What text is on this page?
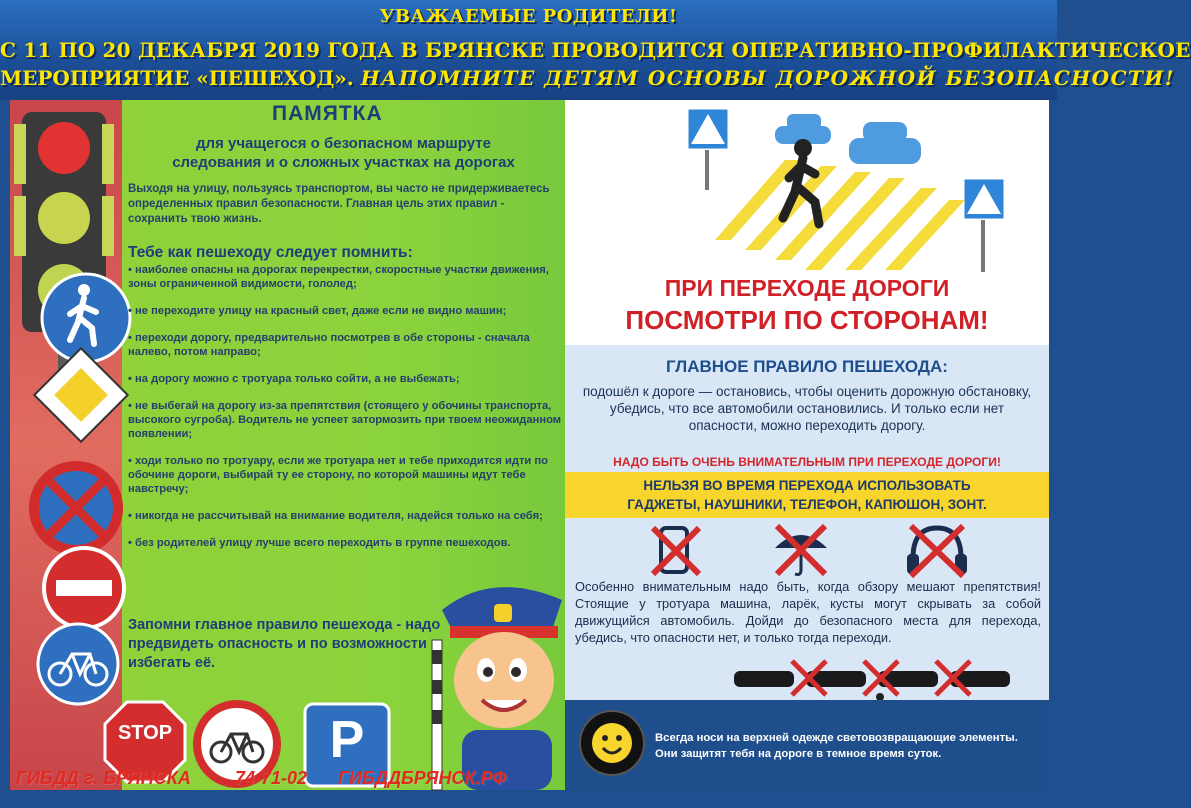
УВАЖАЕМЫЕ РОДИТЕЛИ!
С 11 ПО 20 ДЕКАБРЯ 2019 ГОДА В БРЯНСКЕ ПРОВОДИТСЯ ОПЕРАТИВНО-ПРОФИЛАКТИЧЕСКОЕ
МЕРОПРИЯТИЕ «ПЕШЕХОД». НАПОМНИТЕ ДЕТЯМ ОСНОВЫ ДОРОЖНОЙ БЕЗОПАСНОСТИ!
ПАМЯТКА
для учащегося о безопасном маршруте
следования и о сложных участках на дорогах
Выходя на улицу, пользуясь транспортом, вы часто не придерживаетесь определенных правил безопасности. Главная цель этих правил - сохранить твою жизнь.
Тебе как пешеходу следует помнить:
• наиболее опасны на дорогах перекрестки, скоростные участки движения, зоны ограниченной видимости, гололед;
• не переходите улицу на красный свет, даже если не видно машин;
• переходи дорогу, предварительно посмотрев в обе стороны - сначала налево, потом направо;
• на дорогу можно с тротуара только сойти, а не выбежать;
• не выбегай на дорогу из-за препятствия (стоящего у обочины транспорта, высокого сугроба). Водитель не успеет затормозить при твоем неожиданном появлении;
• ходи только по тротуару, если же тротуара нет и тебе приходится идти по обочине дороги, выбирай ту ее сторону, по которой машины идут тебе навстречу;
• никогда не рассчитывай на внимание водителя, надейся только на себя;
• без родителей улицу лучше всего переходить в группе пешеходов.
Запомни главное правило пешехода - надо предвидеть опасность и по возможности избегать её.
STOP	P
ГИБДД г. БРЯНСКА 74-71-02 ГИБДДБРЯНСК.РФ
ПРИ ПЕРЕХОДЕ ДОРОГИ
ПОСМОТРИ ПО СТОРОНАМ!
ГЛАВНОЕ ПРАВИЛО ПЕШЕХОДА:
подошёл к дороге — остановись, чтобы оценить дорожную обстановку, убедись, что все автомобили остановились. И только если нет опасности, можно переходить дорогу.
НАДО БЫТЬ ОЧЕНЬ ВНИМАТЕЛЬНЫМ ПРИ ПЕРЕХОДЕ ДОРОГИ!
НЕЛЬЗЯ ВО ВРЕМЯ ПЕРЕХОДА ИСПОЛЬЗОВАТЬ
ГАДЖЕТЫ, НАУШНИКИ, ТЕЛЕФОН, КАПЮШОН, ЗОНТ.
Особенно внимательным надо быть, когда обзору мешают препятствия! Стоящие у тротуара машина, ларёк, кусты могут скрывать за собой движущийся автомобиль. Дойди до безопасного места для перехода, убедись, что опасности нет, и только тогда переходи.
Всегда носи на верхней одежде световозвращающие элементы. Они защитят тебя на дороге в темное время суток.
